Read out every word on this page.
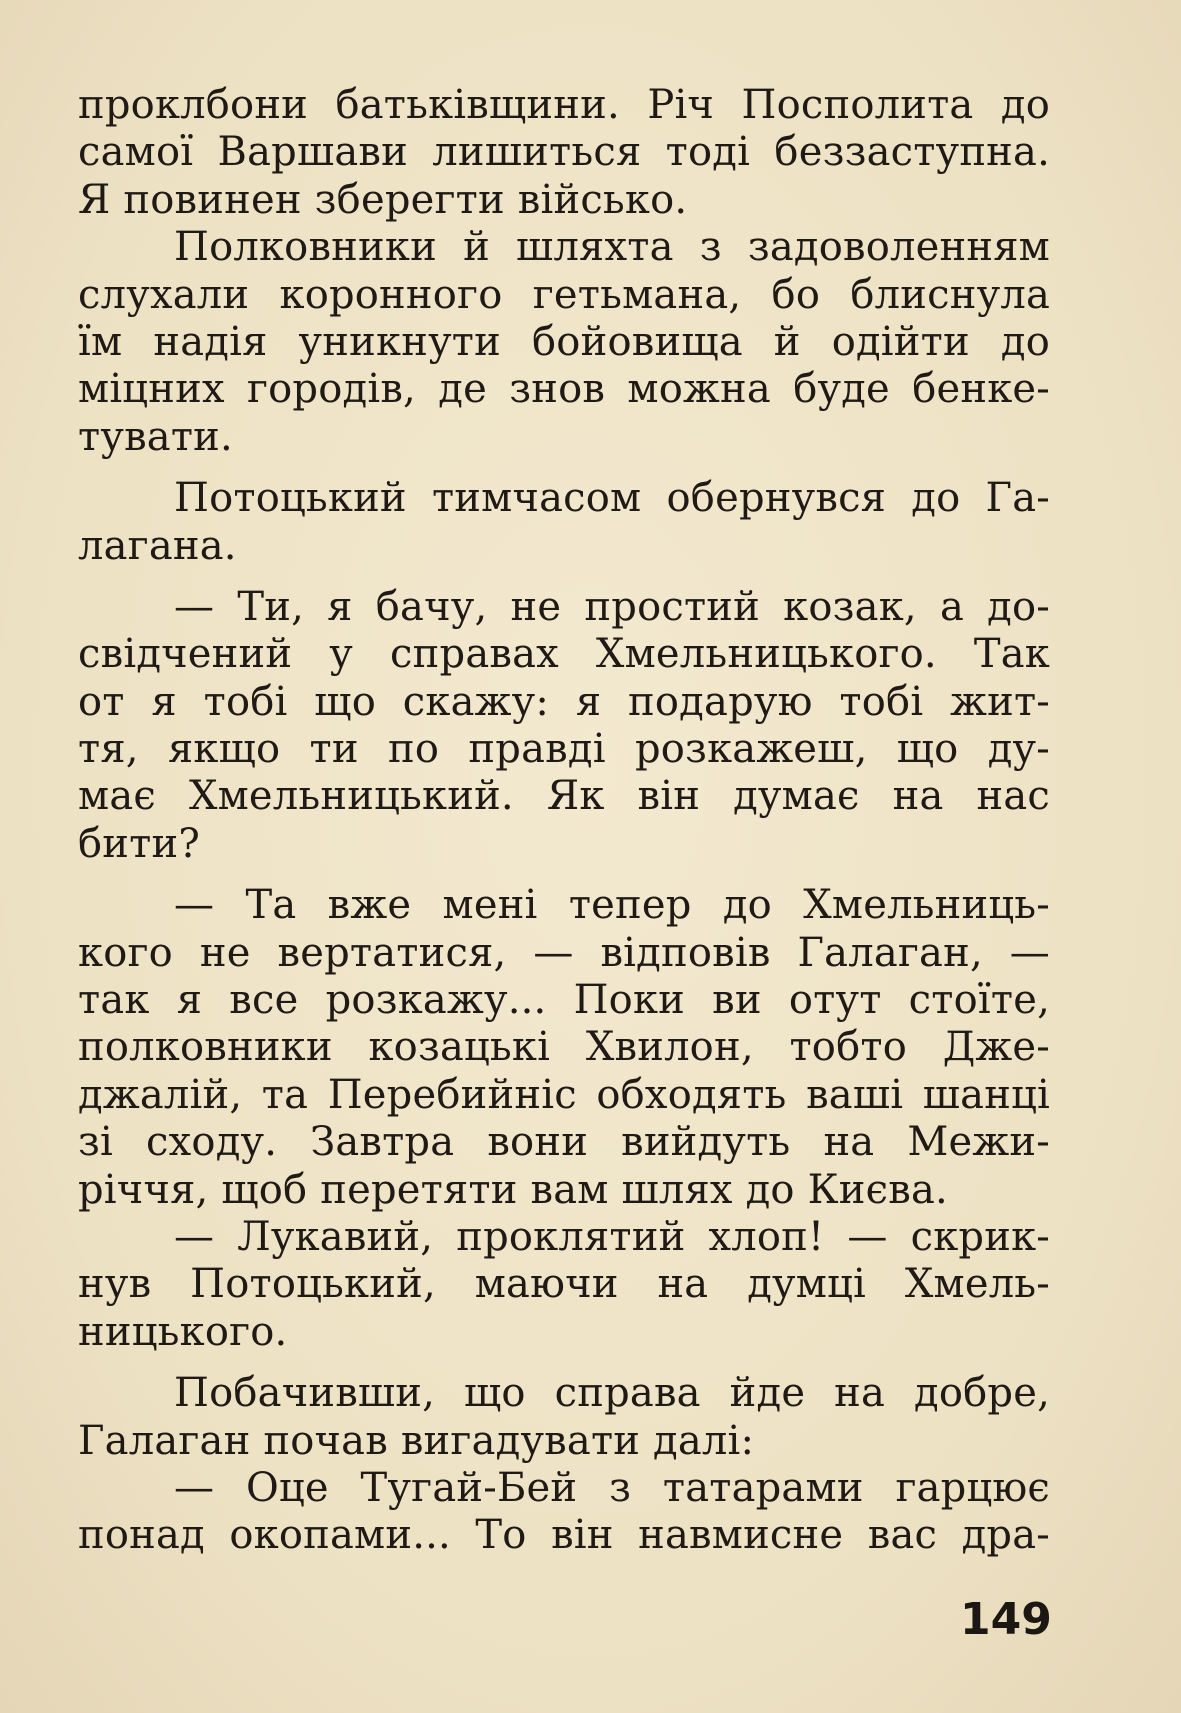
проклбони батьківщини. Річ Посполита до
самої Варшави лишиться тоді беззаступна.
Я повинен зберегти військо.
Полковники й шляхта з задоволенням
слухали коронного гетьмана, бо блиснула
їм надія уникнути бойовища й одійти до
міцних городів, де знов можна буде бенке-
тувати.
Потоцький тимчасом обернувся до Га-
лагана.
— Ти, я бачу, не простий козак, а до-
свідчений у справах Хмельницького. Так
от я тобі що скажу: я подарую тобі жит-
тя, якщо ти по правді розкажеш, що ду-
має Хмельницький. Як він думає на нас
бити?
— Та вже мені тепер до Хмельниць-
кого не вертатися, — відповів Галаган, —
так я все розкажу... Поки ви отут стоїте,
полковники козацькі Хвилон, тобто Дже-
джалій, та Перебийніс обходять ваші шанці
зі сходу. Завтра вони вийдуть на Межи-
річчя, щоб перетяти вам шлях до Києва.
— Лукавий, проклятий хлоп! — скрик-
нув Потоцький, маючи на думці Хмель-
ницького.
Побачивши, що справа йде на добре,
Галаган почав вигадувати далі:
— Оце Тугай-Бей з татарами гарцює
понад окопами... То він навмисне вас дра-
149
